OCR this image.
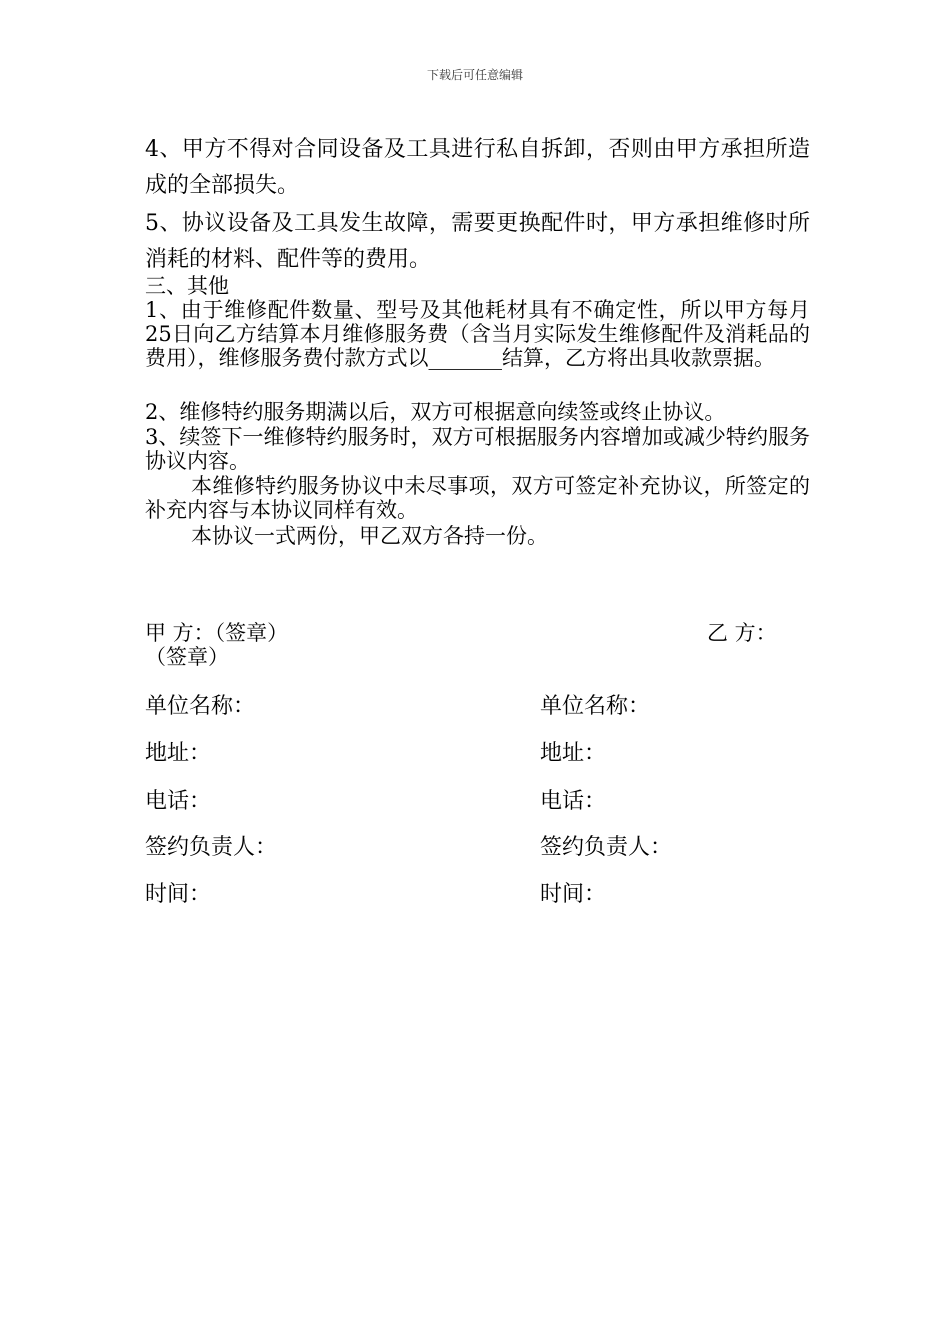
下载后可任意编辑

4、甲方不得对合同设备及工具进行私自拆卸，否则由甲方承担所造成的全部损失。

5、协议设备及工具发生故障，需要更换配件时，甲方承担维修时所消耗的材料、配件等的费用。

三、其他

1、由于维修配件数量、型号及其他耗材具有不确定性，所以甲方每月25日向乙方结算本月维修服务费（含当月实际发生维修配件及消耗品的费用），维修服务费付款方式以_______结算，乙方将出具收款票据。

2、维修特约服务期满以后，双方可根据意向续签或终止协议。

3、续签下一维修特约服务时，双方可根据服务内容增加或减少特约服务协议内容。

本维修特约服务协议中未尽事项，双方可签定补充协议，所签定的补充内容与本协议同样有效。

本协议一式两份，甲乙双方各持一份。

甲 方：（签章）	乙 方：
（签章）
单位名称：	单位名称：
地址：	地址：
电话：	电话：
签约负责人：	签约负责人：
时间：	时间：
